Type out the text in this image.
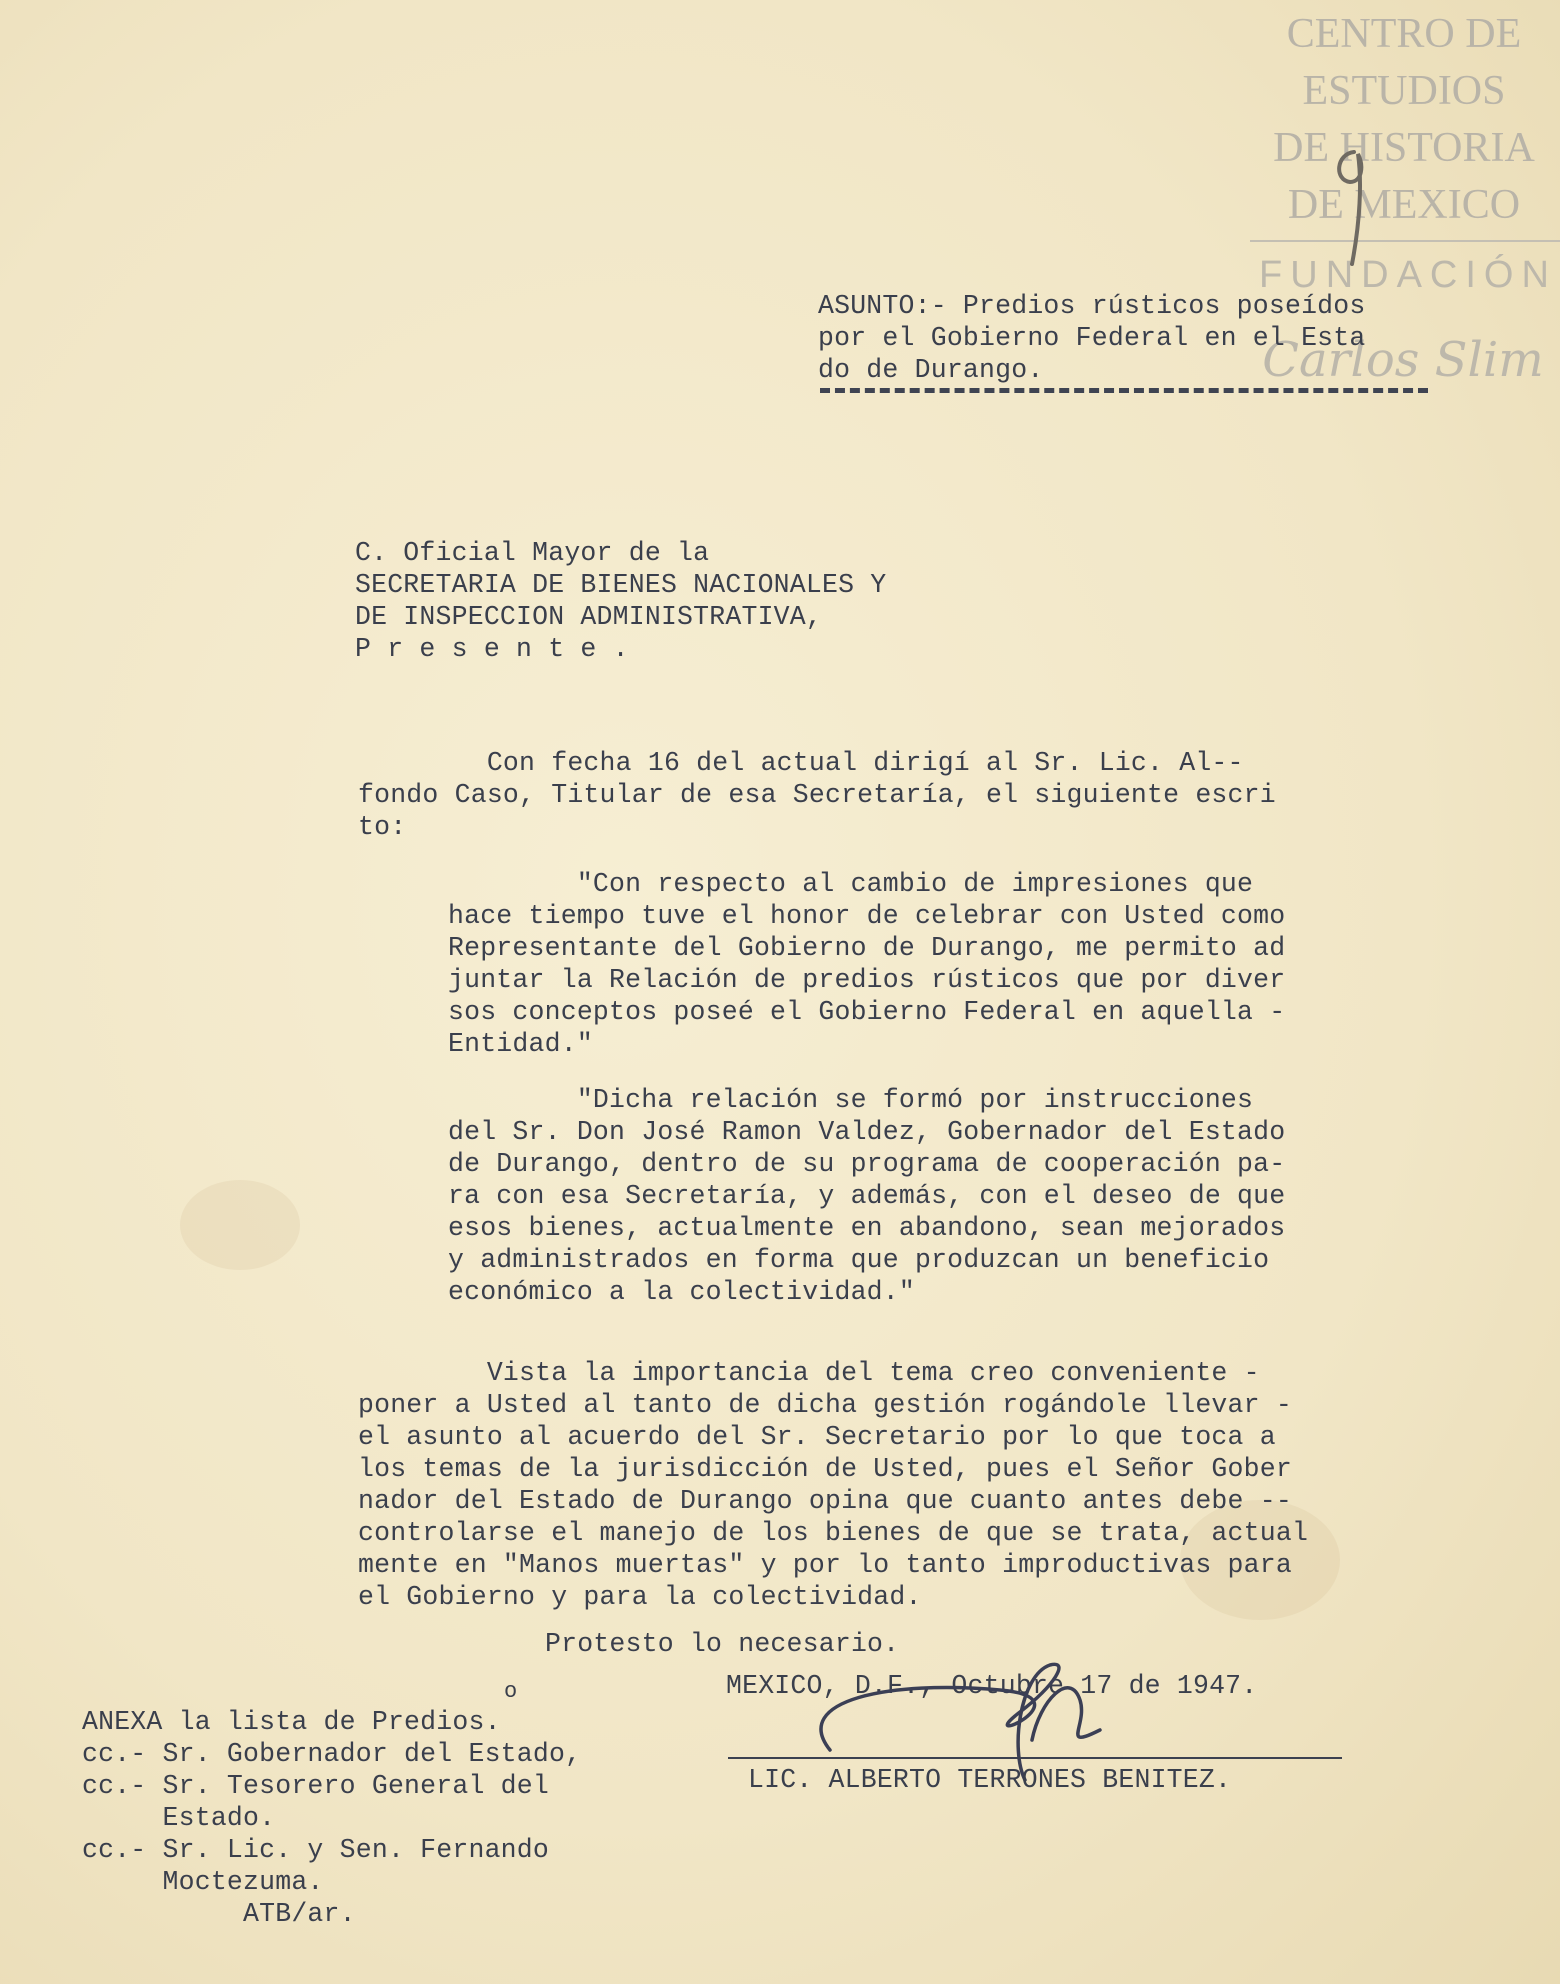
CENTRO DE
ESTUDIOS
DE HISTORIA
DE MEXICO
FUNDACIÓN
Carlos Slim
ASUNTO:- Predios rústicos poseídos
por el Gobierno Federal en el Esta
do de Durango.
C. Oficial Mayor de la
SECRETARIA DE BIENES NACIONALES Y
DE INSPECCION ADMINISTRATIVA,
P r e s e n t e .
Con fecha 16 del actual dirigí al Sr. Lic. Al--
fondo Caso, Titular de esa Secretaría, el siguiente escri
to:
"Con respecto al cambio de impresiones que
hace tiempo tuve el honor de celebrar con Usted como
Representante del Gobierno de Durango, me permito ad
juntar la Relación de predios rústicos que por diver
sos conceptos poseé el Gobierno Federal en aquella -
Entidad."
"Dicha relación se formó por instrucciones
del Sr. Don José Ramon Valdez, Gobernador del Estado
de Durango, dentro de su programa de cooperación pa-
ra con esa Secretaría, y además, con el deseo de que
esos bienes, actualmente en abandono, sean mejorados
y administrados en forma que produzcan un beneficio
económico a la colectividad."
Vista la importancia del tema creo conveniente -
poner a Usted al tanto de dicha gestión rogándole llevar -
el asunto al acuerdo del Sr. Secretario por lo que toca a
los temas de la jurisdicción de Usted, pues el Señor Gober
nador del Estado de Durango opina que cuanto antes debe --
controlarse el manejo de los bienes de que se trata, actual
mente en "Manos muertas" y por lo tanto improductivas para
el Gobierno y para la colectividad.
Protesto lo necesario.
MEXICO, D.F., Octubre 17 de 1947.
LIC. ALBERTO TERRONES BENITEZ.
o
ANEXA la lista de Predios.
cc.- Sr. Gobernador del Estado,
cc.- Sr. Tesorero General del
Estado.
cc.- Sr. Lic. y Sen. Fernando
Moctezuma.
ATB/ar.
